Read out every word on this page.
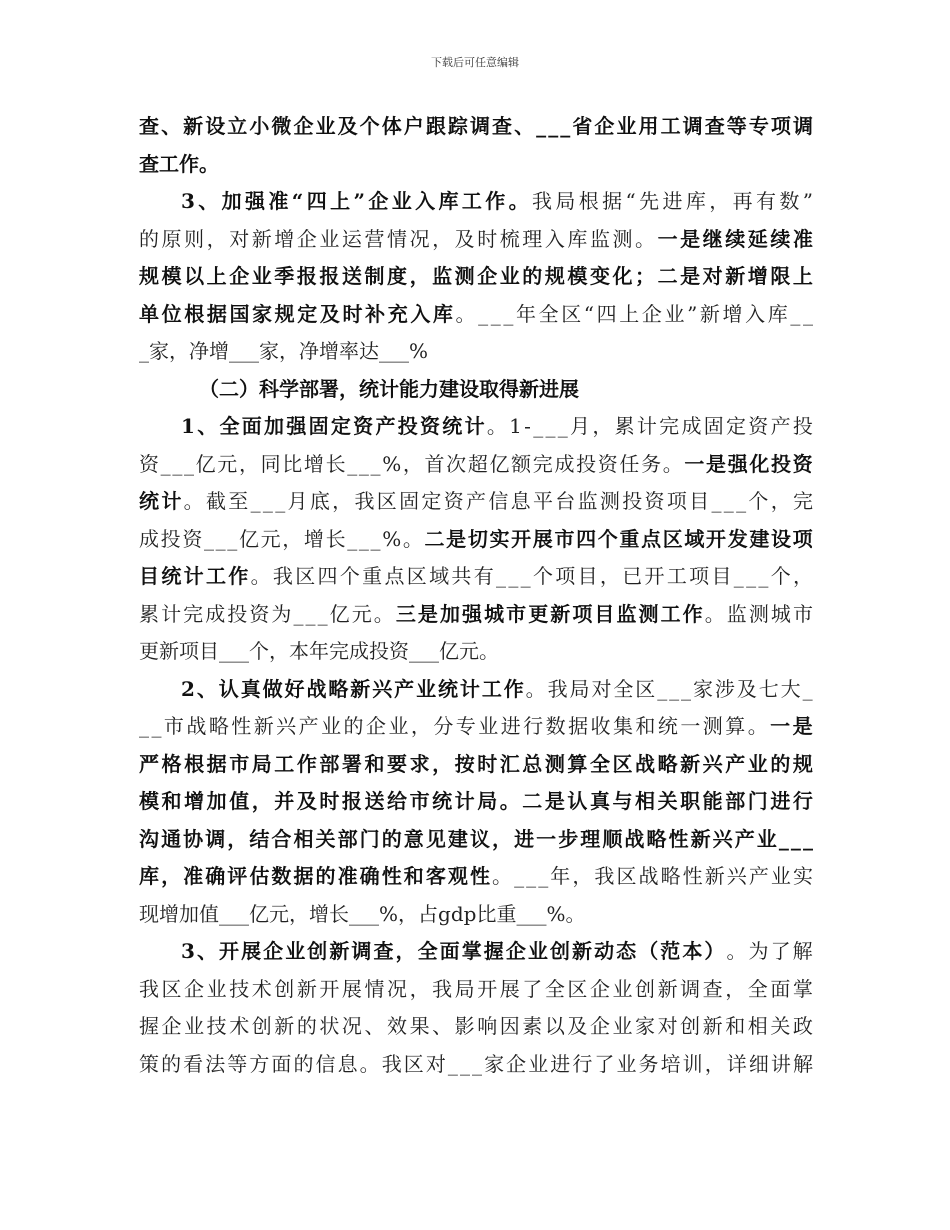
下载后可任意编辑
查 、 新 设 立 小 微 企 业 及 个 体 户 跟 踪 调 查 、 _ _ _ 省 企 业 用 工 调 查 等 专 项 调
查 工 作 。
3 、 加 强 准 “ 四 上 ” 企 业 入 库 工 作 。 我 局 根 据 “ 先 进 库 ， 再 有 数 ”
的 原 则 ， 对 新 增 企 业 运 营 情 况 ， 及 时 梳 理 入 库 监 测 。 一 是 继 续 延 续 准
规 模 以 上 企 业 季 报 报 送 制 度 ， 监 测 企 业 的 规 模 变 化 ； 二 是 对 新 增 限 上
单 位 根 据 国 家 规 定 及 时 补 充 入 库 。 _ _ _ 年 全 区 “ 四 上 企 业 ” 新 增 入 库 _ _
_ 家 ， 净 增 _ _ _ 家 ， 净 增 率 达 _ _ _ %
（ 二 ） 科 学 部 署 ， 统 计 能 力 建 设 取 得 新 进 展
1 、 全 面 加 强 固 定 资 产 投 资 统 计 。 1 - _ _ _ 月 ， 累 计 完 成 固 定 资 产 投
资 _ _ _ 亿 元 ， 同 比 增 长 _ _ _ % ， 首 次 超 亿 额 完 成 投 资 任 务 。 一 是 强 化 投 资
统 计 。 截 至 _ _ _ 月 底 ， 我 区 固 定 资 产 信 息 平 台 监 测 投 资 项 目 _ _ _ 个 ， 完
成 投 资 _ _ _ 亿 元 ， 增 长 _ _ _ % 。 二 是 切 实 开 展 市 四 个 重 点 区 域 开 发 建 设 项
目 统 计 工 作 。 我 区 四 个 重 点 区 域 共 有 _ _ _ 个 项 目 ， 已 开 工 项 目 _ _ _ 个 ，
累 计 完 成 投 资 为 _ _ _ 亿 元 。 三 是 加 强 城 市 更 新 项 目 监 测 工 作 。 监 测 城 市
更 新 项 目 _ _ _ 个 ， 本 年 完 成 投 资 _ _ _ 亿 元 。
2 、 认 真 做 好 战 略 新 兴 产 业 统 计 工 作 。 我 局 对 全 区 _ _ _ 家 涉 及 七 大 _
_ _ 市 战 略 性 新 兴 产 业 的 企 业 ， 分 专 业 进 行 数 据 收 集 和 统 一 测 算 。 一 是
严 格 根 据 市 局 工 作 部 署 和 要 求 ， 按 时 汇 总 测 算 全 区 战 略 新 兴 产 业 的 规
模 和 增 加 值 ， 并 及 时 报 送 给 市 统 计 局 。 二 是 认 真 与 相 关 职 能 部 门 进 行
沟 通 协 调 ， 结 合 相 关 部 门 的 意 见 建 议 ， 进 一 步 理 顺 战 略 性 新 兴 产 业 _ _ _
库 ， 准 确 评 估 数 据 的 准 确 性 和 客 观 性 。 _ _ _ 年 ， 我 区 战 略 性 新 兴 产 业 实
现 增 加 值 _ _ _ 亿 元 ， 增 长 _ _ _ % ， 占 g d p 比 重 _ _ _ % 。
3 、 开 展 企 业 创 新 调 查 ， 全 面 掌 握 企 业 创 新 动 态 （ 范 本 ） 。 为 了 解
我 区 企 业 技 术 创 新 开 展 情 况 ， 我 局 开 展 了 全 区 企 业 创 新 调 查 ， 全 面 掌
握 企 业 技 术 创 新 的 状 况 、 效 果 、 影 响 因 素 以 及 企 业 家 对 创 新 和 相 关 政
策 的 看 法 等 方 面 的 信 息 。 我 区 对 _ _ _ 家 企 业 进 行 了 业 务 培 训 ， 详 细 讲 解
